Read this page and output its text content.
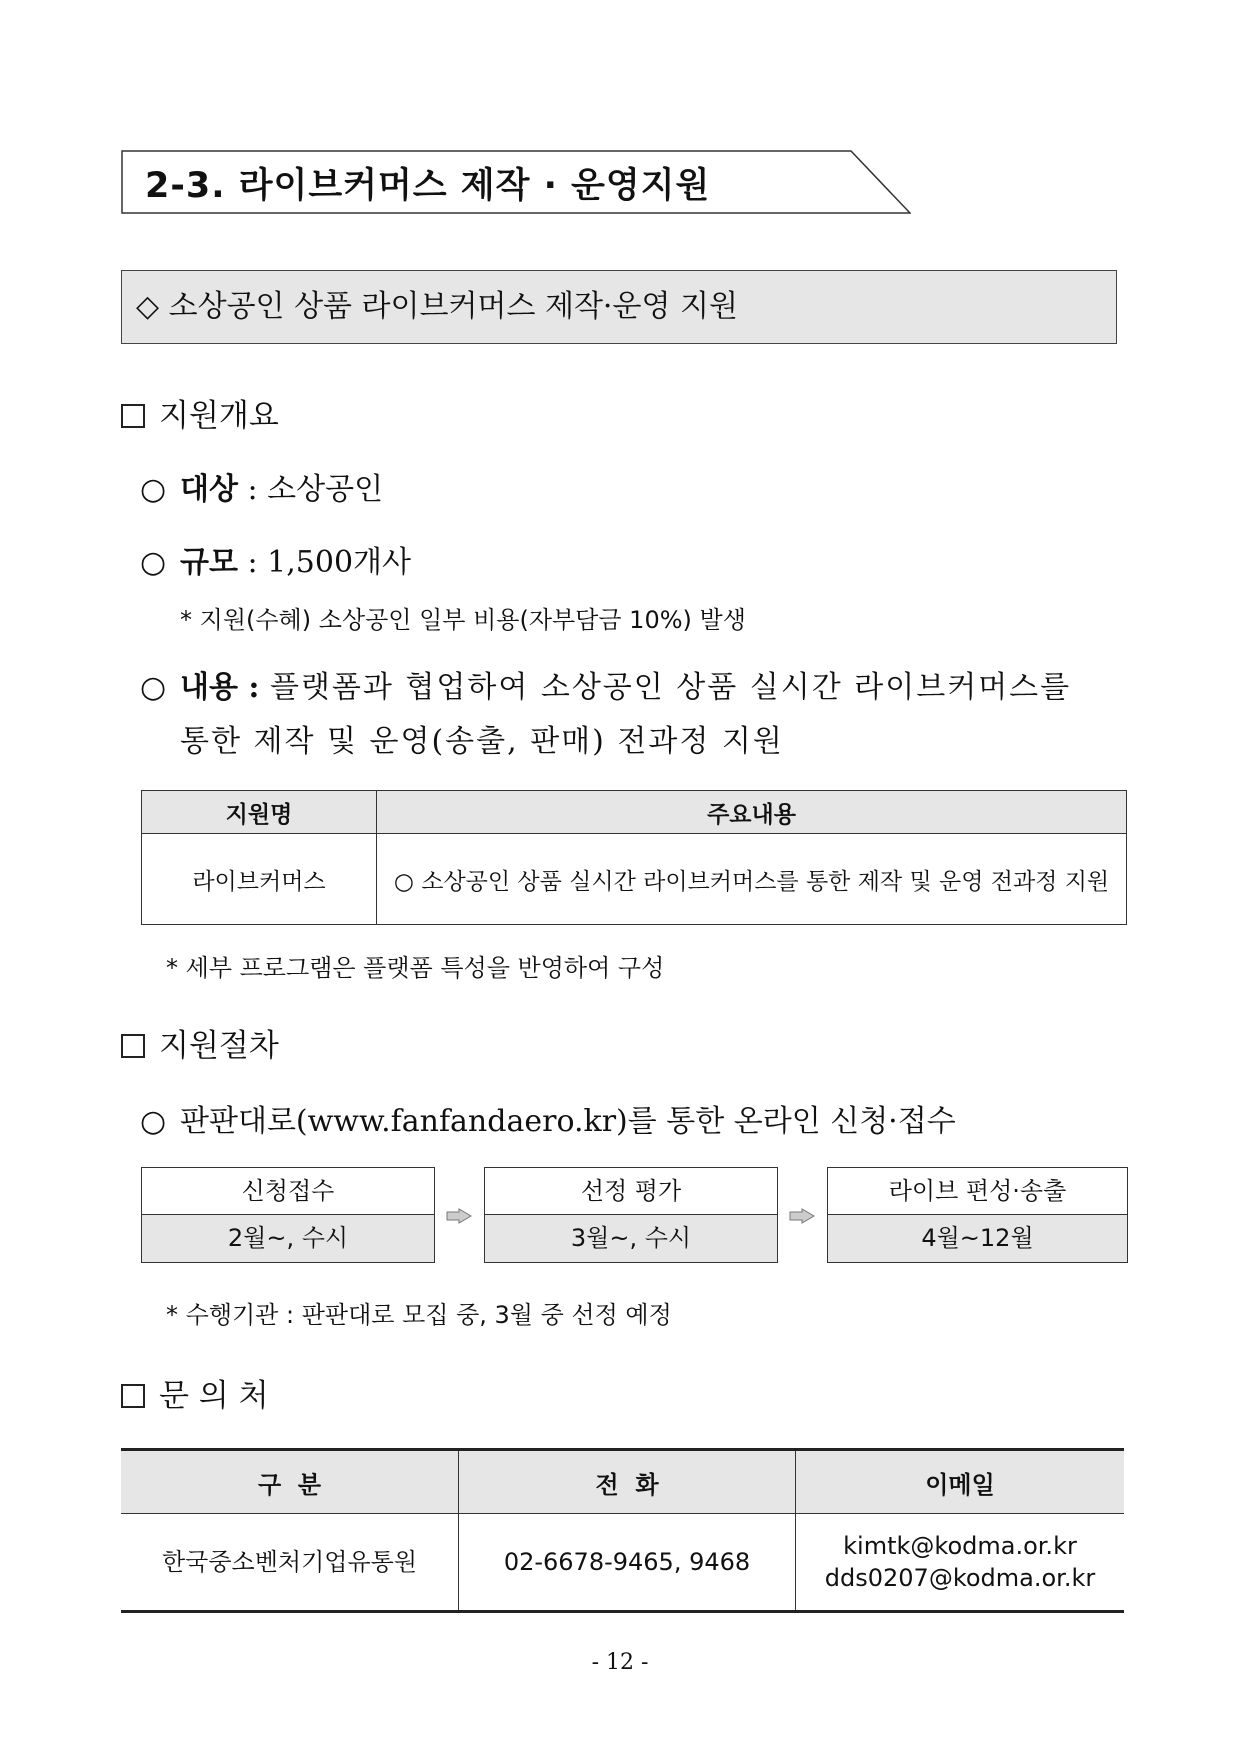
2-3. 라이브커머스 제작 · 운영지원
◇ 소상공인 상품 라이브커머스 제작·운영 지원
지원개요
○ 대상 : 소상공인
○ 규모 : 1,500개사
* 지원(수혜) 소상공인 일부 비용(자부담금 10%) 발생
○ 내용 : 플랫폼과 협업하여 소상공인 상품 실시간 라이브커머스를
통한 제작 및 운영(송출, 판매) 전과정 지원
지원명	주요내용
라이브커머스	○ 소상공인 상품 실시간 라이브커머스를 통한 제작 및 운영 전과정 지원
* 세부 프로그램은 플랫폼 특성을 반영하여 구성
지원절차
○ 판판대로(www.fanfandaero.kr)를 통한 온라인 신청·접수
신청접수
2월~, 수시
선정 평가
3월~, 수시
라이브 편성·송출
4월~12월
* 수행기관 : 판판대로 모집 중, 3월 중 선정 예정
문 의 처
구  분	전  화	이메일
한국중소벤처기업유통원	02-6678-9465, 9468	kimtk@kodma.or.kr
dds0207@kodma.or.kr
- 12 -
